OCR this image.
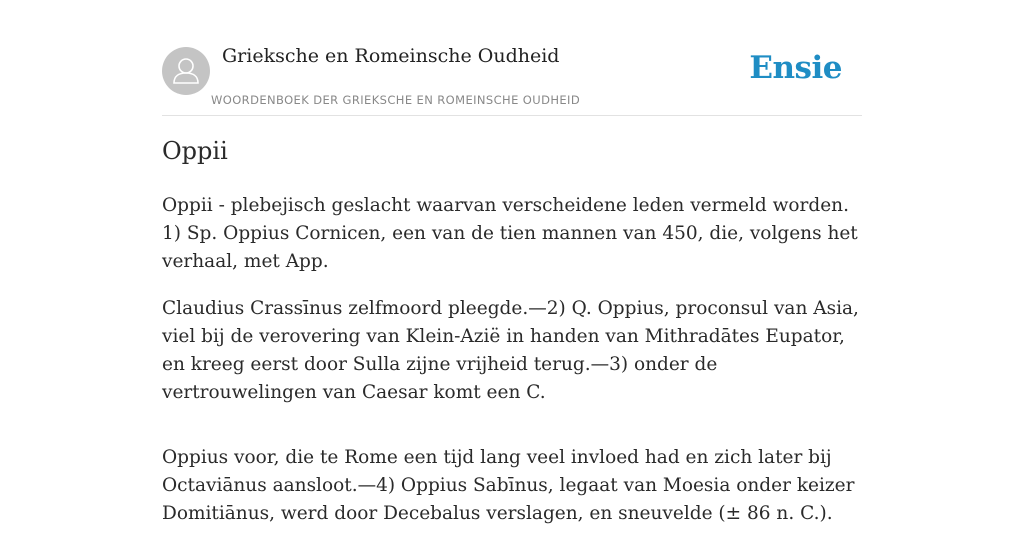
Grieksche en Romeinsche Oudheid
WOORDENBOEK DER GRIEKSCHE EN ROMEINSCHE OUDHEID
Ensie
Oppii

Oppii - plebejisch geslacht waarvan verscheidene leden vermeld worden. 1) Sp. Oppius Cornicen, een van de tien mannen van 450, die, volgens het verhaal, met App.

Claudius Crassīnus zelfmoord pleegde.—2) Q. Oppius, proconsul van Asia, viel bij de verovering van Klein-Azië in handen van Mithradātes Eupator, en kreeg eerst door Sulla zijne vrijheid terug.—3) onder de vertrouwelingen van Caesar komt een C.

Oppius voor, die te Rome een tijd lang veel invloed had en zich later bij Octaviānus aansloot.—4) Oppius Sabīnus, legaat van Moesia onder keizer Domitiānus, werd door Decebalus verslagen, en sneuvelde (± 86 n. C.).
